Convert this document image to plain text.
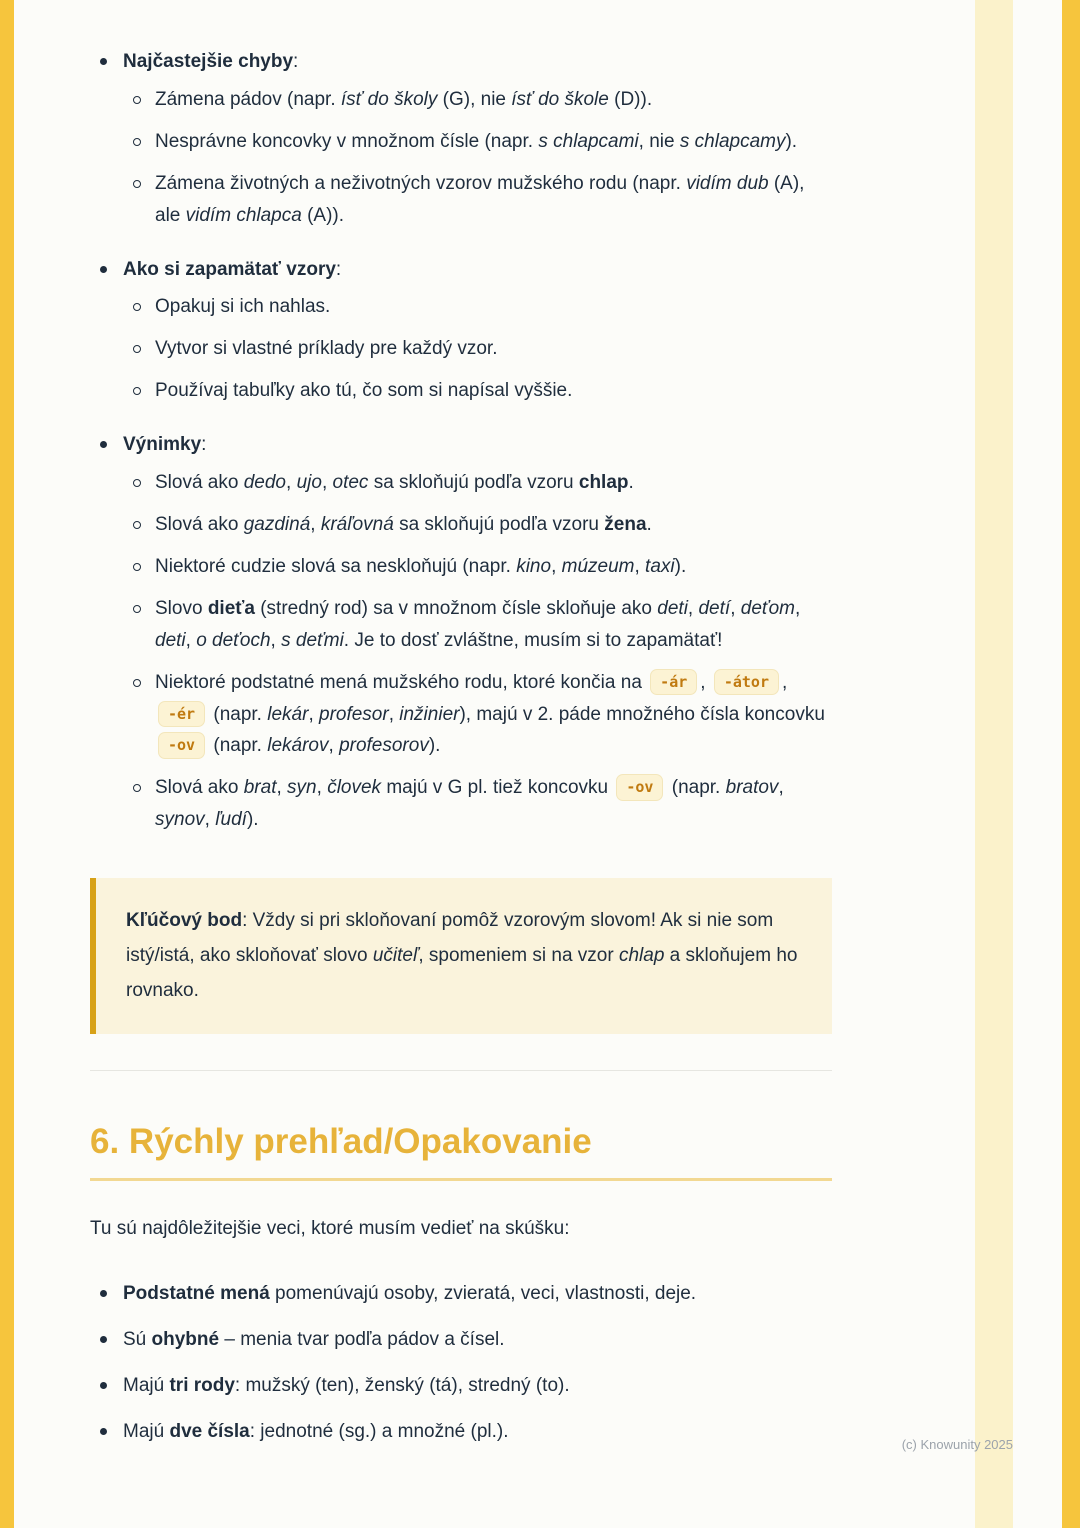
Najčastejšie chyby:
Zámena pádov (napr. ísť do školy (G), nie ísť do škole (D)).
Nesprávne koncovky v množnom čísle (napr. s chlapcami, nie s chlapcamy).
Zámena životných a neživotných vzorov mužského rodu (napr. vidím dub (A), ale vidím chlapca (A)).
Ako si zapamätať vzory:
Opakuj si ich nahlas.
Vytvor si vlastné príklady pre každý vzor.
Používaj tabuľky ako tú, čo som si napísal vyššie.
Výnimky:
Slová ako dedo, ujo, otec sa skloňujú podľa vzoru chlap.
Slová ako gazdiná, kráľovná sa skloňujú podľa vzoru žena.
Niektoré cudzie slová sa neskloňujú (napr. kino, múzeum, taxi).
Slovo dieťa (stredný rod) sa v množnom čísle skloňuje ako deti, detí, deťom, deti, o deťoch, s deťmi. Je to dosť zvláštne, musím si to zapamätať!
Niektoré podstatné mená mužského rodu, ktoré končia na -ár , -átor , -ér (napr. lekár, profesor, inžinier), majú v 2. páde množného čísla koncovku -ov (napr. lekárov, profesorov).
Slová ako brat, syn, človek majú v G pl. tiež koncovku -ov (napr. bratov, synov, ľudí).
Kľúčový bod: Vždy si pri skloňovaní pomôž vzorovým slovom! Ak si nie som istý/istá, ako skloňovať slovo učiteľ, spomeniem si na vzor chlap a skloňujem ho rovnako.
6. Rýchly prehľad/Opakovanie

Tu sú najdôležitejšie veci, ktoré musím vedieť na skúšku:

Podstatné mená pomenúvajú osoby, zvieratá, veci, vlastnosti, deje.
Sú ohybné – menia tvar podľa pádov a čísel.
Majú tri rody: mužský (ten), ženský (tá), stredný (to).
Majú dve čísla: jednotné (sg.) a množné (pl.).
(c) Knowunity 2025
